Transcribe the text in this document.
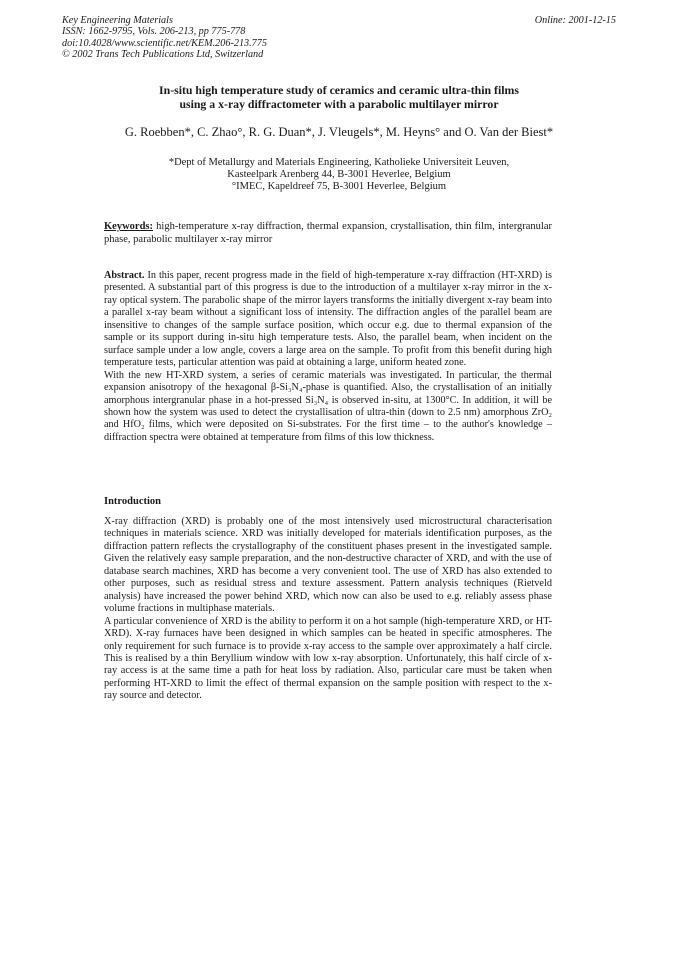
Key Engineering Materials
ISSN: 1662-9795, Vols. 206-213, pp 775-778
doi:10.4028/www.scientific.net/KEM.206-213.775
© 2002 Trans Tech Publications Ltd, Switzerland
Online: 2001-12-15
In-situ high temperature study of ceramics and ceramic ultra-thin films
using a x-ray diffractometer with a parabolic multilayer mirror
G. Roebben*, C. Zhao°, R. G. Duan*, J. Vleugels*, M. Heyns° and O. Van der Biest*
*Dept of Metallurgy and Materials Engineering, Katholieke Universiteit Leuven,
Kasteelpark Arenberg 44, B-3001 Heverlee, Belgium
°IMEC, Kapeldreef 75, B-3001 Heverlee, Belgium
Keywords: high-temperature x-ray diffraction, thermal expansion, crystallisation, thin film, intergranular phase, parabolic multilayer x-ray mirror

Abstract. In this paper, recent progress made in the field of high-temperature x-ray diffraction (HT-XRD) is presented. A substantial part of this progress is due to the introduction of a multilayer x-ray mirror in the x-ray optical system. The parabolic shape of the mirror layers transforms the initially divergent x-ray beam into a parallel x-ray beam without a significant loss of intensity. The diffraction angles of the parallel beam are insensitive to changes of the sample surface position, which occur e.g. due to thermal expansion of the sample or its support during in-situ high temperature tests. Also, the parallel beam, when incident on the surface sample under a low angle, covers a large area on the sample. To profit from this benefit during high temperature tests, particular attention was paid at obtaining a large, uniform heated zone.

With the new HT-XRD system, a series of ceramic materials was investigated. In particular, the thermal expansion anisotropy of the hexagonal β-Si₃N₄-phase is quantified. Also, the crystallisation of an initially amorphous intergranular phase in a hot-pressed Si₃N₄ is observed in-situ, at 1300°C. In addition, it will be shown how the system was used to detect the crystallisation of ultra-thin (down to 2.5 nm) amorphous ZrO₂ and HfO₂ films, which were deposited on Si-substrates. For the first time – to the author's knowledge – diffraction spectra were obtained at temperature from films of this low thickness.

Introduction

X-ray diffraction (XRD) is probably one of the most intensively used microstructural characterisation techniques in materials science. XRD was initially developed for materials identification purposes, as the diffraction pattern reflects the crystallography of the constituent phases present in the investigated sample. Given the relatively easy sample preparation, and the non-destructive character of XRD, and with the use of database search machines, XRD has become a very convenient tool. The use of XRD has also extended to other purposes, such as residual stress and texture assessment. Pattern analysis techniques (Rietveld analysis) have increased the power behind XRD, which now can also be used to e.g. reliably assess phase volume fractions in multiphase materials.

A particular convenience of XRD is the ability to perform it on a hot sample (high-temperature XRD, or HT-XRD). X-ray furnaces have been designed in which samples can be heated in specific atmospheres. The only requirement for such furnace is to provide x-ray access to the sample over approximately a half circle. This is realised by a thin Beryllium window with low x-ray absorption. Unfortunately, this half circle of x-ray access is at the same time a path for heat loss by radiation. Also, particular care must be taken when performing HT-XRD to limit the effect of thermal expansion on the sample position with respect to the x-ray source and detector.
